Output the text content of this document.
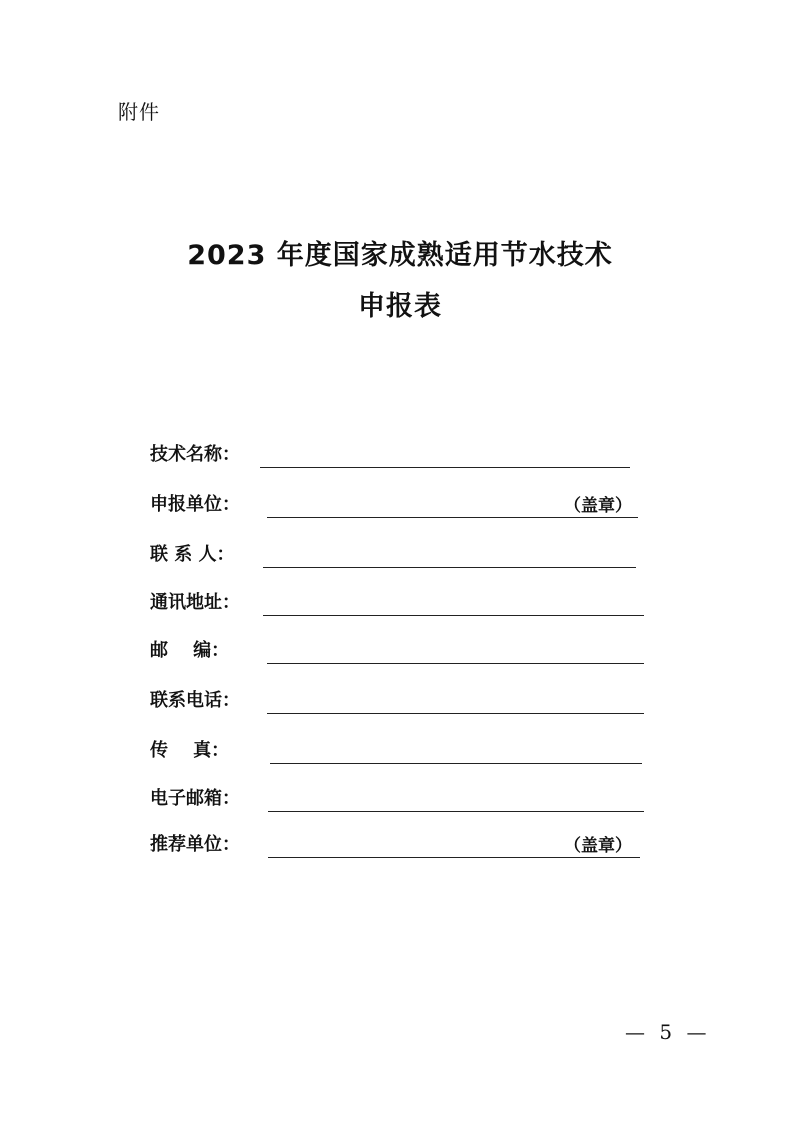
附件
2023 年度国家成熟适用节水技术
申报表
技术名称：
申报单位：	（盖章）
联 系 人：
通讯地址：
邮    编：
联系电话：
传    真：
电子邮箱：
推荐单位：	（盖章）
— 5 —
